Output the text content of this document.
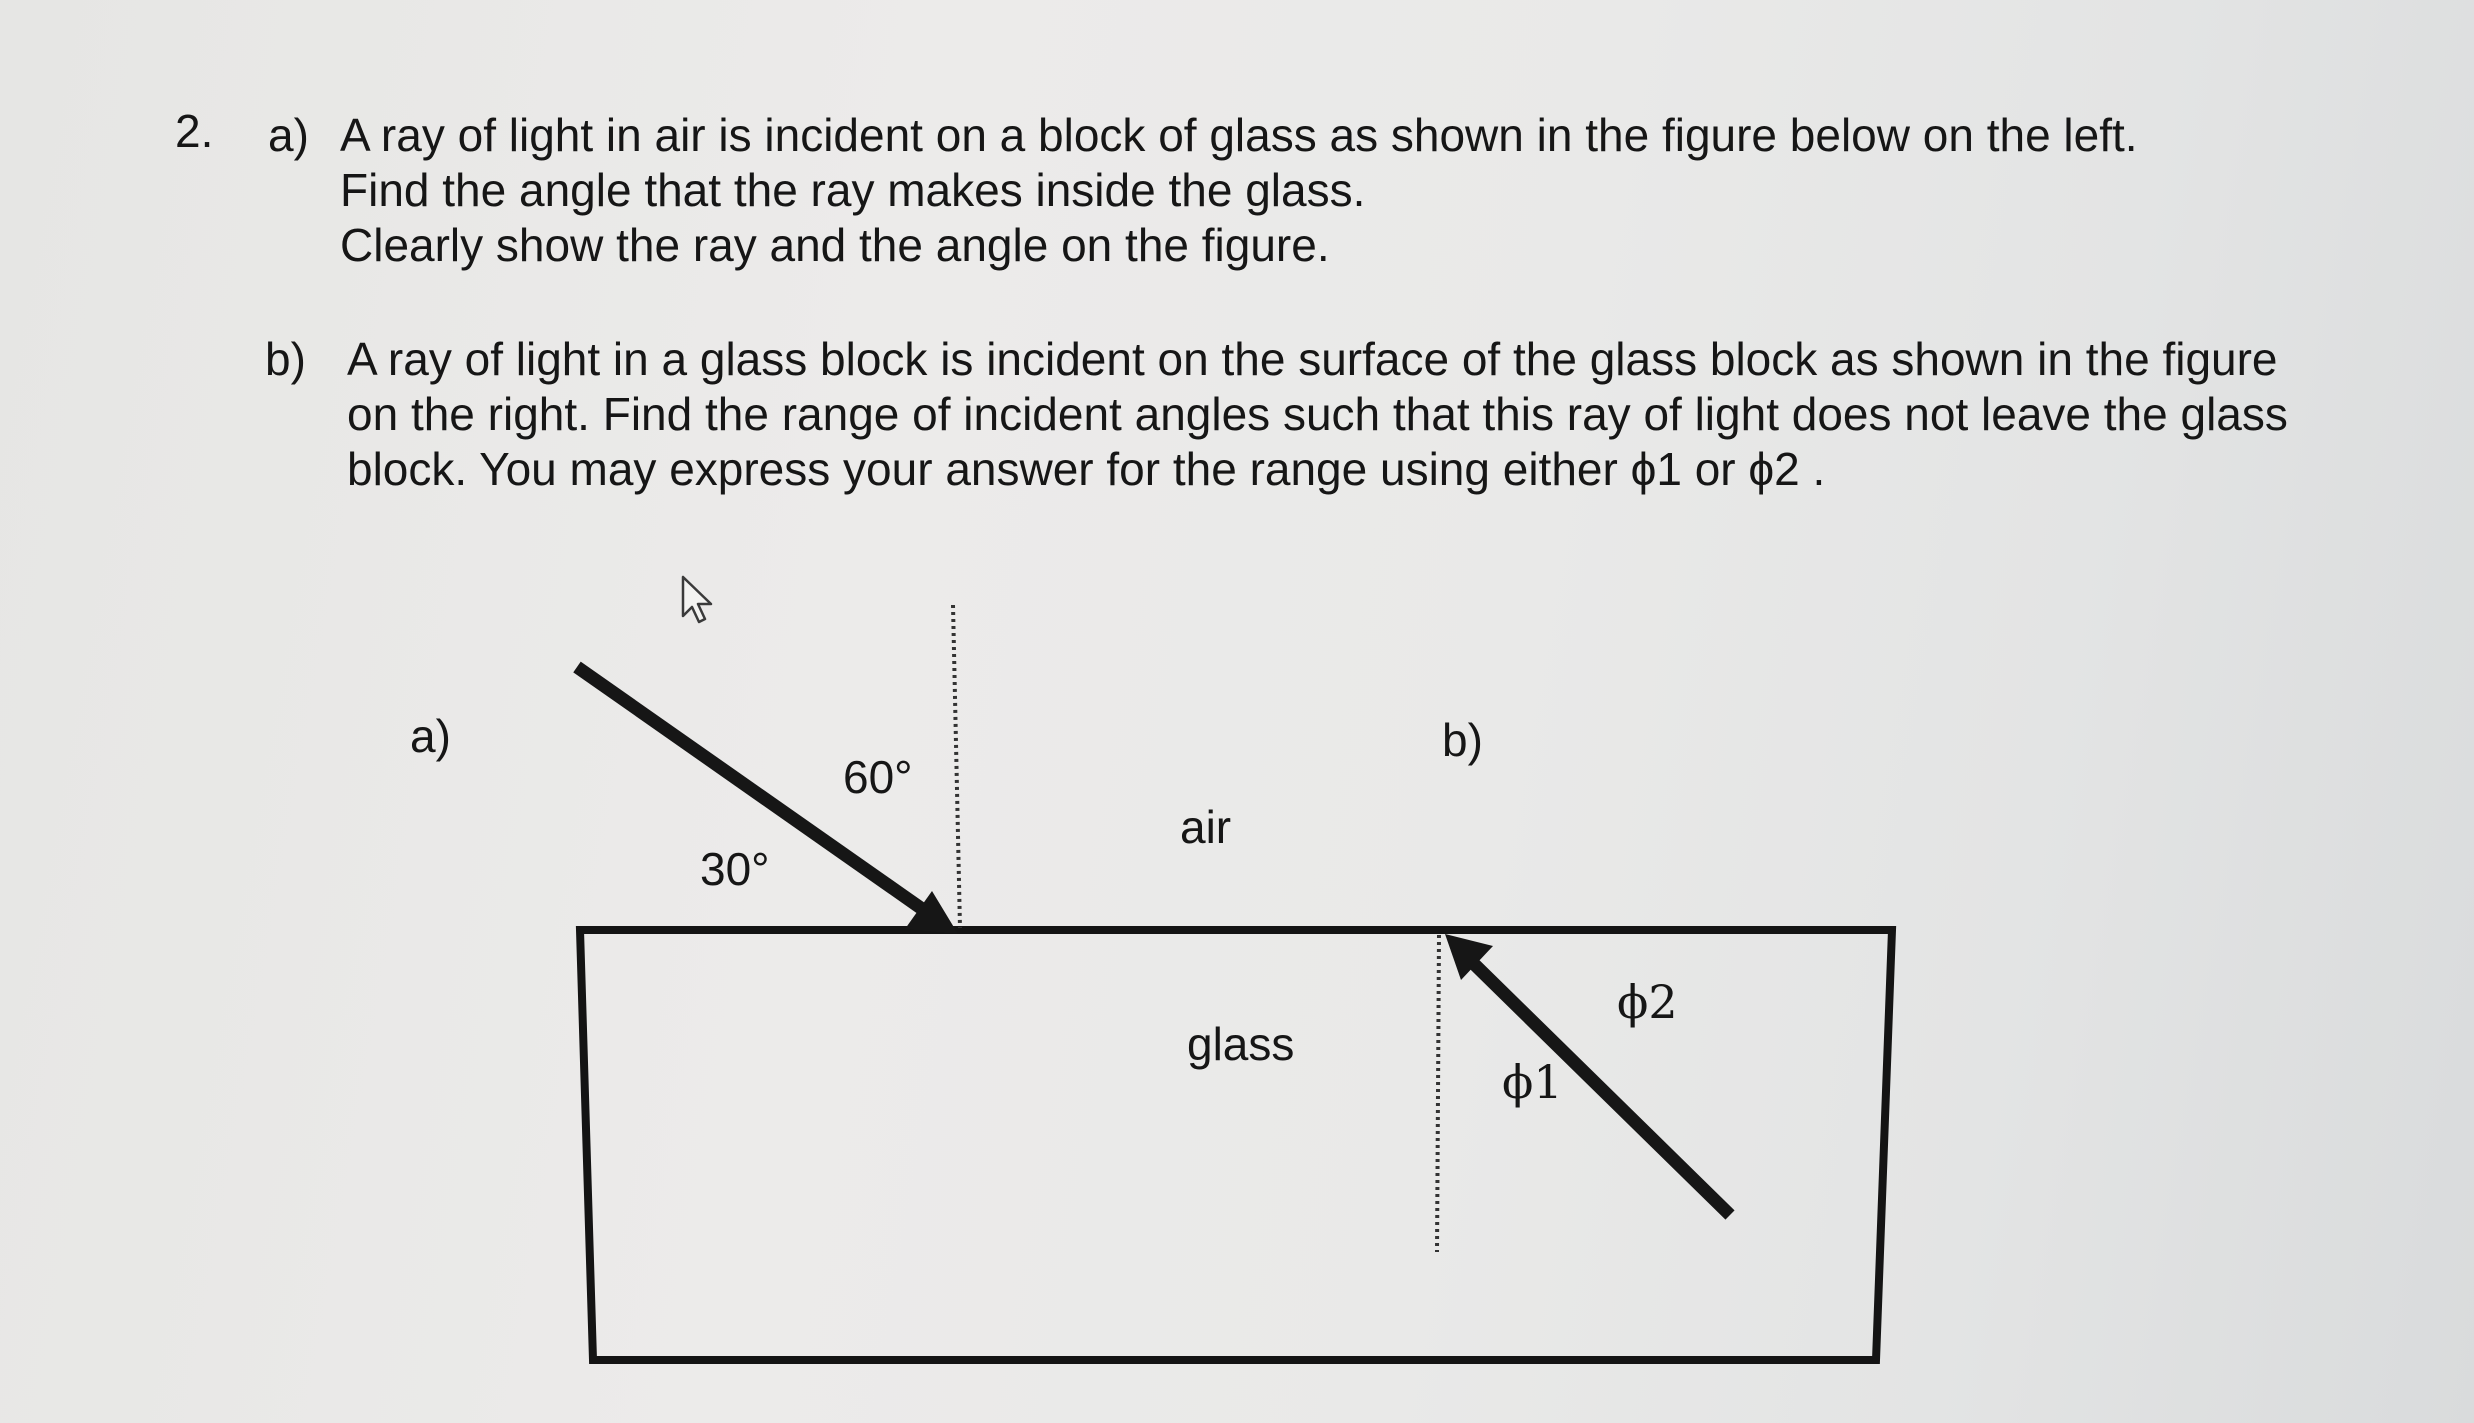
2. a) A ray of light in air is incident on a block of glass as shown in the figure below on the left.
Find the angle that the ray makes inside the glass.
Clearly show the ray and the angle on the figure.
b) A ray of light in a glass block is incident on the surface of the glass block as shown in the figure
on the right. Find the range of incident angles such that this ray of light does not leave the glass
block. You may express your answer for the range using either ϕ1 or ϕ2 .
a)	b)
60°
30°
air
glass
ϕ1
ϕ2
